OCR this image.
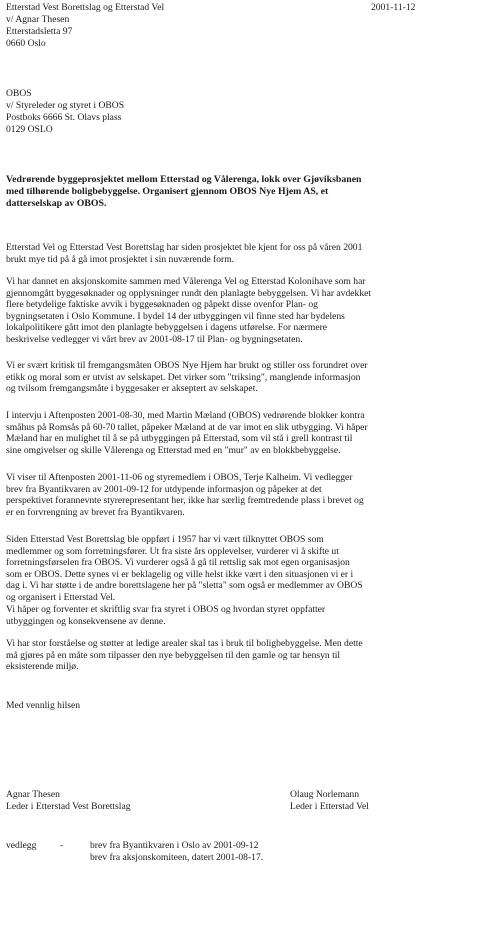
2001-11-12
Etterstad Vest Borettslag og Etterstad Vel
v/ Agnar Thesen
Etterstadsletta 97
0660 Oslo
OBOS
v/ Styreleder og styret i OBOS
Postboks 6666 St. Olavs plass
0129 OSLO
Vedrørende byggeprosjektet mellom Etterstad og Vålerenga, lokk over Gjøviksbanen
med tilhørende boligbebyggelse. Organisert gjennom OBOS Nye Hjem AS, et
datterselskap av OBOS.
Etterstad Vel og Etterstad Vest Borettslag har siden prosjektet ble kjent for oss på våren 2001
brukt mye tid på å gå imot prosjektet i sin nuværende form.
Vi har dannet en aksjonskomite sammen med Vålerenga Vel og Etterstad Kolonihave som har
gjennomgått byggesøknader og opplysninger rundt den planlagte bebyggelsen. Vi har avdekket
flere betydelige faktiske avvik i byggesøknaden og påpekt disse ovenfor Plan- og
bygningsetaten i Oslo Kommune. I bydel 14 der utbyggingen vil finne sted har bydelens
lokalpolitikere gått imot den planlagte bebyggelsen i dagens utførelse. For nærmere
beskrivelse vedlegger vi vårt brev av 2001-08-17 til Plan- og bygningsetaten.
Vi er svært kritisk til fremgangsmåten OBOS Nye Hjem har brukt og stiller oss forundret over
etikk og moral som er utvist av selskapet. Det virker som "triksing", manglende informasjon
og tvilsom fremgangsmåte i byggesaker er akseptert av selskapet.
I intervju i Aftenposten 2001-08-30, med Martin Mæland (OBOS) vedrørende blokker kontra
småhus på Romsås på 60-70 tallet, påpeker Mæland at de var imot en slik utbygging. Vi håper
Mæland har en mulighet til å se på utbyggingen på Etterstad, som vil stå i grell kontrast til
sine omgivelser og skille Vålerenga og Etterstad med en "mur" av en blokkbebyggelse.
Vi viser til Aftenposten 2001-11-06 og styremedlem i OBOS, Terje Kalheim. Vi vedlegger
brev fra Byantikvaren av 2001-09-12 for utdypende informasjon og påpeker at det
perspektivet forannevnte styrerepresentant her, ikke har særlig fremtredende plass i brevet og
er en forvrengning av brevet fra Byantikvaren.
Siden Etterstad Vest Borettslag ble oppført i 1957 har vi vært tilknyttet OBOS som
medlemmer og som forretningsfører. Ut fra siste års opplevelser, vurderer vi å skifte ut
forretningsførselen fra OBOS. Vi vurderer også å gå til rettslig sak mot egen organisasjon
som er OBOS. Dette synes vi er beklagelig og ville helst ikke vært i den situasjonen vi er i
dag i. Vi har støtte i de andre borettslagene her på "sletta" som også er medlemmer av OBOS
og organisert i Etterstad Vel.
Vi håper og forventer et skriftlig svar fra styret i OBOS og hvordan styret oppfatter
utbyggingen og konsekvensene av denne.
Vi har stor forståelse og støtter at ledige arealer skal tas i bruk til boligbebyggelse. Men dette
må gjøres på en måte som tilpasser den nye bebyggelsen til den gamle og tar hensyn til
eksisterende miljø.
Med vennlig hilsen
Agnar Thesen
Leder i Etterstad Vest Borettslag
Olaug Norlemann
Leder i Etterstad Vel
vedlegg -	brev fra Byantikvaren i Oslo av 2001-09-12
brev fra aksjonskomiteen, datert 2001-08-17.
